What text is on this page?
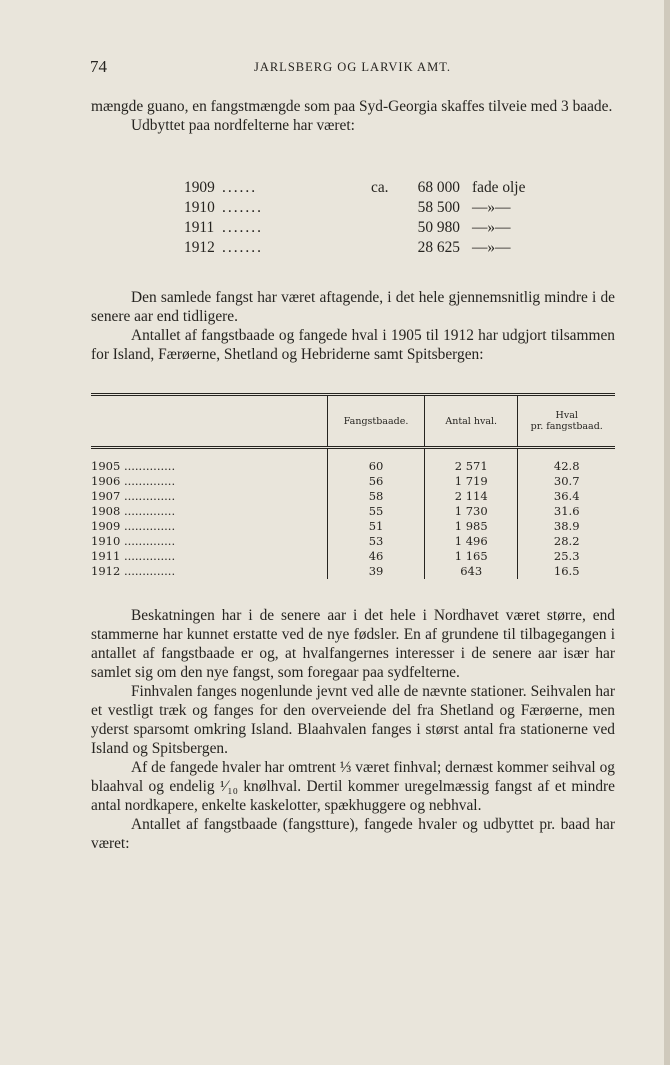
74	JARLSBERG OG LARVIK AMT.

mængde guano, en fangstmængde som paa Syd-Georgia skaffes tilveie med 3 baade.

Udbyttet paa nordfelterne har været:

1909 ......	ca.	68 000 fade olje
1910 .......	58 500 —»—
1911 .......	50 980 —»—
1912 .......	28 625 —»—

Den samlede fangst har været aftagende, i det hele gjennemsnitlig mindre i de senere aar end tidligere.

Antallet af fangstbaade og fangede hval i 1905 til 1912 har udgjort tilsammen for Island, Færøerne, Shetland og Hebriderne samt Spitsbergen:

	Fangstbaade.	Antal hval.	Hval
pr. fangstbaad.

1905 ..............	60	2 571	42.8
1906 ..............	56	1 719	30.7
1907 ..............	58	2 114	36.4
1908 ..............	55	1 730	31.6
1909 ..............	51	1 985	38.9
1910 ..............	53	1 496	28.2
1911 ..............	46	1 165	25.3
1912 ..............	39	643	16.5

Beskatningen har i de senere aar i det hele i Nordhavet været større, end stammerne har kunnet erstatte ved de nye fødsler. En af grundene til tilbagegangen i antallet af fangstbaade er og, at hvalfangernes interesser i de senere aar især har samlet sig om den nye fangst, som foregaar paa sydfelterne.

Finhvalen fanges nogenlunde jevnt ved alle de nævnte stationer. Seihvalen har et vestligt træk og fanges for den overveiende del fra Shetland og Færøerne, men yderst sparsomt omkring Island. Blaahvalen fanges i størst antal fra stationerne ved Island og Spitsbergen.

Af de fangede hvaler har omtrent ⅓ været finhval; dernæst kommer seihval og blaahval og endelig ¹⁄₁₀ knølhval. Dertil kommer uregelmæssig fangst af et mindre antal nordkapere, enkelte kaskelotter, spækhuggere og nebhval.

Antallet af fangstbaade (fangstture), fangede hvaler og udbyttet pr. baad har været:
